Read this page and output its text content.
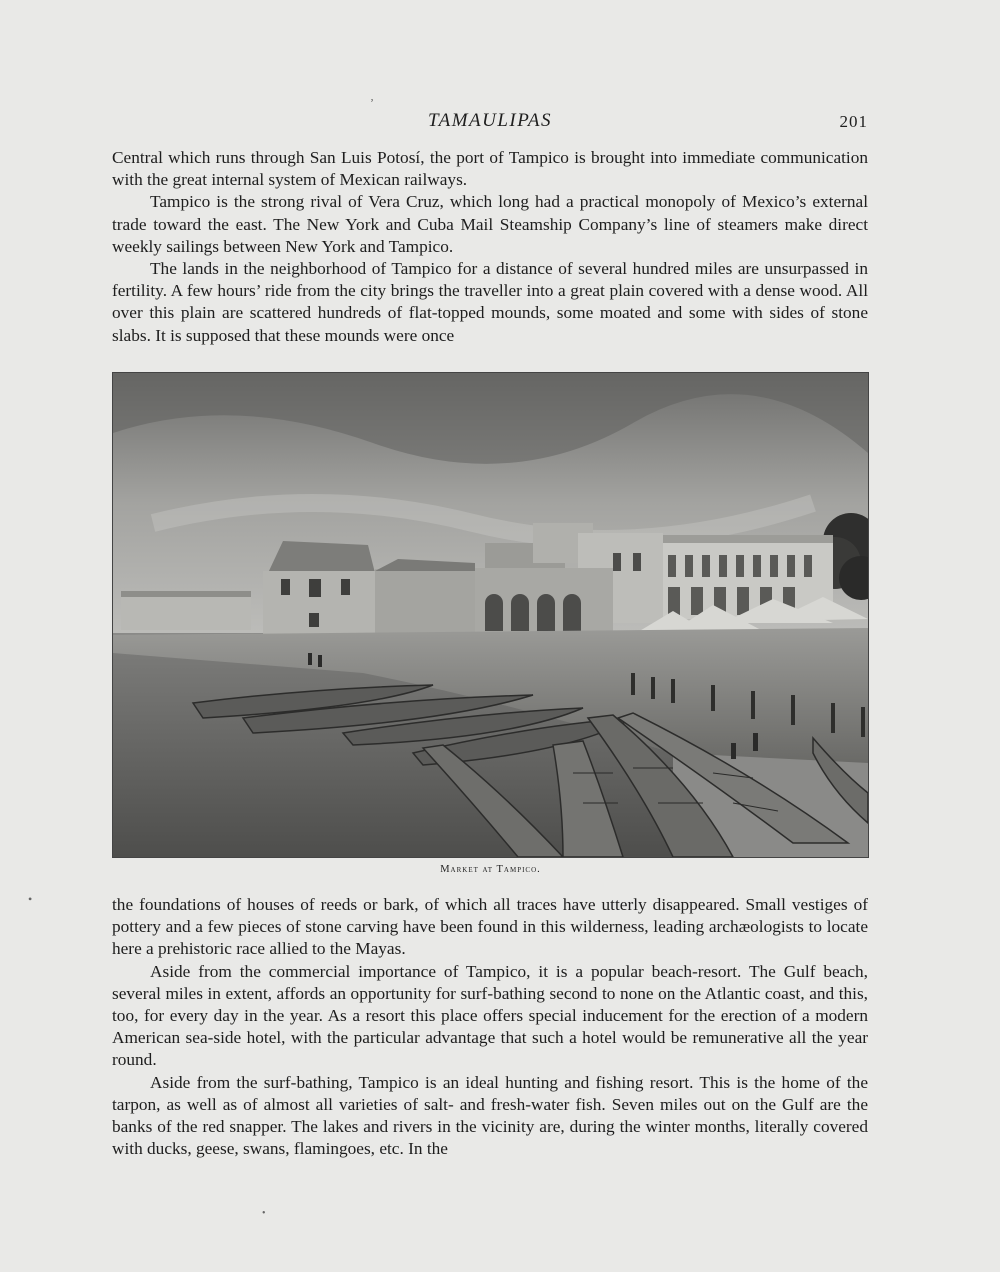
TAMAULIPAS	201

Central which runs through San Luis Potosí, the port of Tampico is brought into immediate communication with the great internal system of Mexican railways.

Tampico is the strong rival of Vera Cruz, which long had a practical monopoly of Mexico’s external trade toward the east. The New York and Cuba Mail Steamship Company’s line of steamers make direct weekly sailings between New York and Tampico.

The lands in the neighborhood of Tampico for a distance of several hundred miles are unsurpassed in fertility. A few hours’ ride from the city brings the traveller into a great plain covered with a dense wood. All over this plain are scattered hundreds of flat-topped mounds, some moated and some with sides of stone slabs. It is supposed that these mounds were once

Market at Tampico.

the foundations of houses of reeds or bark, of which all traces have utterly disappeared. Small vestiges of pottery and a few pieces of stone carving have been found in this wilderness, leading archæologists to locate here a prehistoric race allied to the Mayas.

Aside from the commercial importance of Tampico, it is a popular beach-resort. The Gulf beach, several miles in extent, affords an opportunity for surf-bathing second to none on the Atlantic coast, and this, too, for every day in the year. As a resort this place offers special inducement for the erection of a modern American sea-side hotel, with the particular advantage that such a hotel would be remunerative all the year round.

Aside from the surf-bathing, Tampico is an ideal hunting and fishing resort. This is the home of the tarpon, as well as of almost all varieties of salt- and fresh-water fish. Seven miles out on the Gulf are the banks of the red snapper. The lakes and rivers in the vicinity are, during the winter months, literally covered with ducks, geese, swans, flamingoes, etc. In the

ʼ
•
•
